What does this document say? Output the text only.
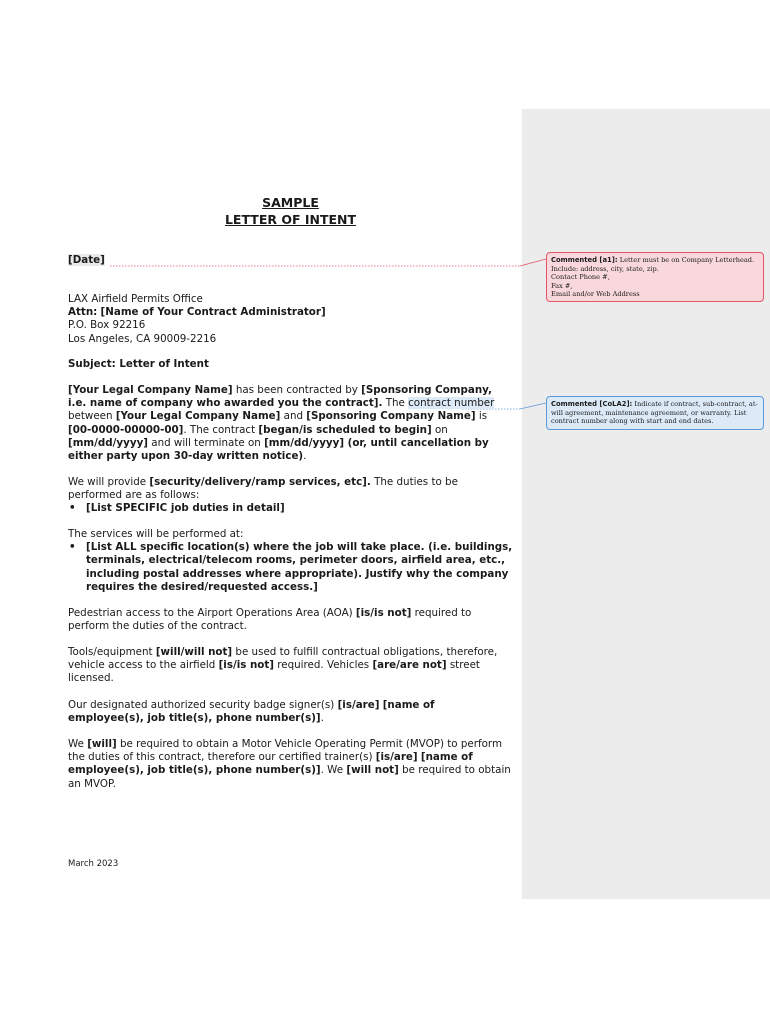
SAMPLE
LETTER OF INTENT
[Date]
LAX Airfield Permits Office
Attn: [Name of Your Contract Administrator]
P.O. Box 92216
Los Angeles, CA 90009-2216
Subject: Letter of Intent
[Your Legal Company Name] has been contracted by [Sponsoring Company, i.e. name of company who awarded you the contract]. The contract number between [Your Legal Company Name] and [Sponsoring Company Name] is [00-0000-00000-00]. The contract [began/is scheduled to begin] on [mm/dd/yyyy] and will terminate on [mm/dd/yyyy] (or, until cancellation by either party upon 30-day written notice).
We will provide [security/delivery/ramp services, etc]. The duties to be performed are as follows:
• [List SPECIFIC job duties in detail]
The services will be performed at:
• [List ALL specific location(s) where the job will take place. (i.e. buildings, terminals, electrical/telecom rooms, perimeter doors, airfield area, etc., including postal addresses where appropriate). Justify why the company requires the desired/requested access.]
Pedestrian access to the Airport Operations Area (AOA) [is/is not] required to perform the duties of the contract.
Tools/equipment [will/will not] be used to fulfill contractual obligations, therefore, vehicle access to the airfield [is/is not] required. Vehicles [are/are not] street licensed.
Our designated authorized security badge signer(s) [is/are] [name of employee(s), job title(s), phone number(s)].
We [will] be required to obtain a Motor Vehicle Operating Permit (MVOP) to perform the duties of this contract, therefore our certified trainer(s) [is/are] [name of employee(s), job title(s), phone number(s)]. We [will not] be required to obtain an MVOP.
March 2023
Commented [a1]: Letter must be on Company Letterhead.
Include: address, city, state, zip.
Contact Phone #,
Fax #,
Email and/or Web Address
Commented [CoLA2]: Indicate if contract, sub-contract, at-will agreement, maintenance agreement, or warranty. List contract number along with start and end dates.
